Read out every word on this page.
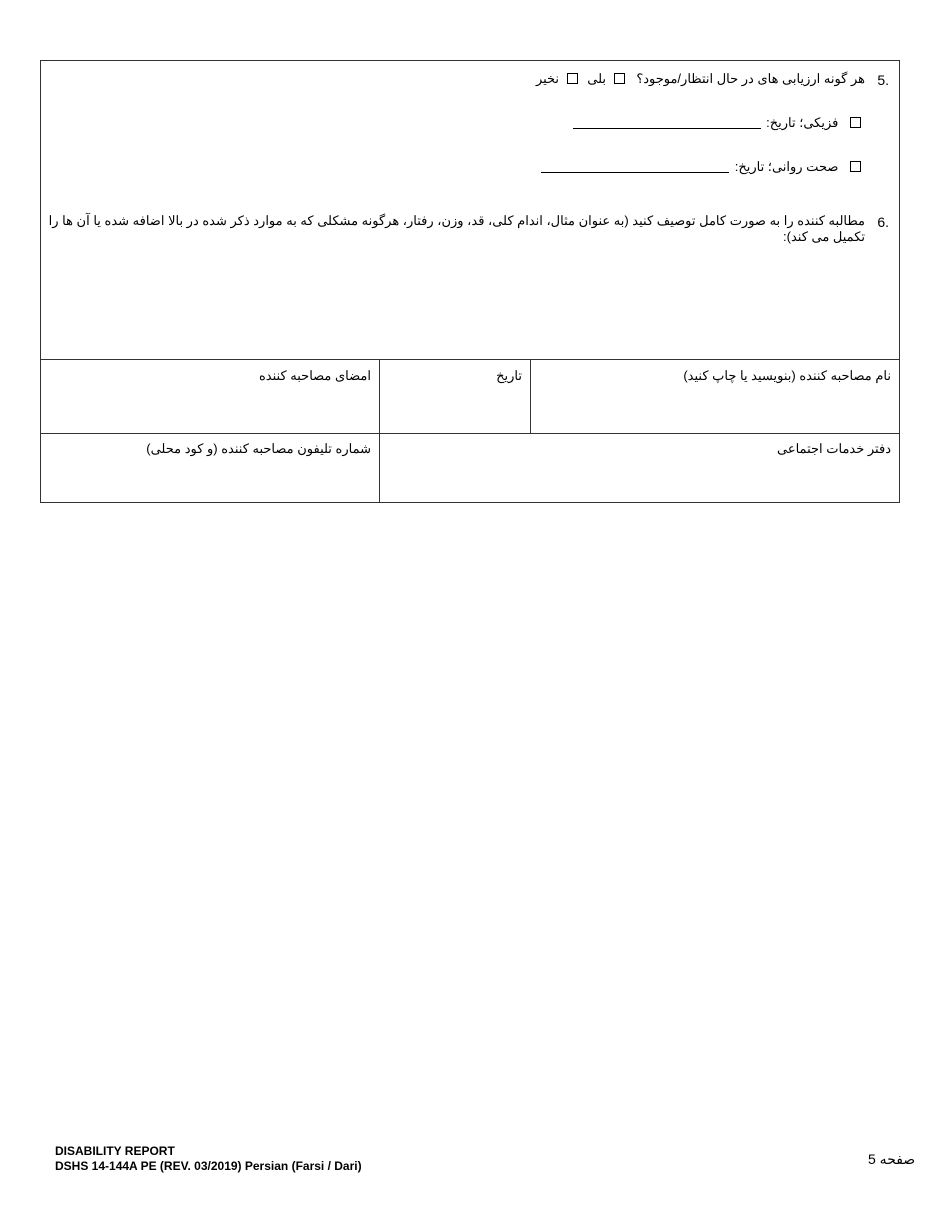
5.
هر گونه ارزیابی های در حال انتظار/موجود؟  بلی  نخیر
فزیکی؛ تاریخ:
صحت روانی؛ تاریخ:
6.
مطالبه کننده را به صورت کامل توصیف کنید (به عنوان مثال، اندام کلی، قد، وزن، رفتار، هرگونه مشکلی که به موارد ذکر شده در بالا اضافه شده یا آن ها را
تکمیل می کند):
نام مصاحبه کننده (بنویسید یا چاپ کنید)
تاریخ
امضای مصاحبه کننده
دفتر خدمات اجتماعی
شماره تلیفون مصاحبه کننده (و کود محلی)
DISABILITY REPORT
DSHS 14-144A PE (REV. 03/2019) Persian (Farsi / Dari)	صفحه 5
